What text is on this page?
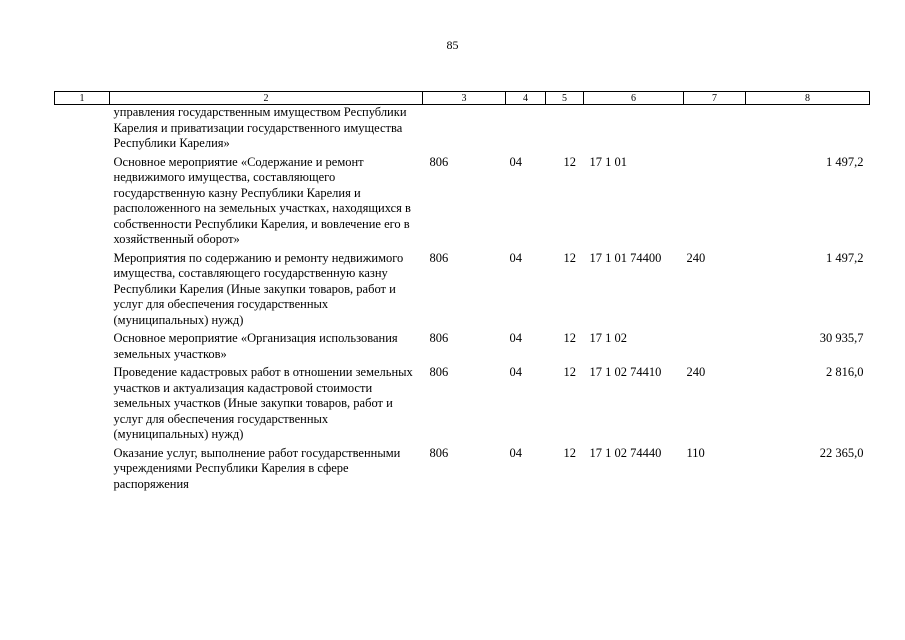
85
1	2	3	4	5	6	7	8
	управления государственным имуществом Республики Карелия и приватизации государственного имущества Республики Карелия»						
	Основное мероприятие «Содержание и ремонт недвижимого имущества, составляющего государственную казну Республики Карелия и расположенного на земельных участках, находящихся в собственности Республики Карелия, и вовлечение его в хозяйственный оборот»	806	04	12	17 1 01		1 497,2
	Мероприятия по содержанию и ремонту недвижимого имущества, составляющего государственную казну Республики Карелия (Иные закупки товаров, работ и услуг для обеспечения государственных (муниципальных) нужд)	806	04	12	17 1 01 74400	240	1 497,2
	Основное мероприятие «Организация использования земельных участков»	806	04	12	17 1 02		30 935,7
	Проведение кадастровых работ в отношении земельных участков и актуализация кадастровой стоимости земельных участков (Иные закупки товаров, работ и услуг для обеспечения государственных (муниципальных) нужд)	806	04	12	17 1 02 74410	240	2 816,0
	Оказание услуг, выполнение работ государственными учреждениями Республики Карелия в сфере распоряжения	806	04	12	17 1 02 74440	110	22 365,0
